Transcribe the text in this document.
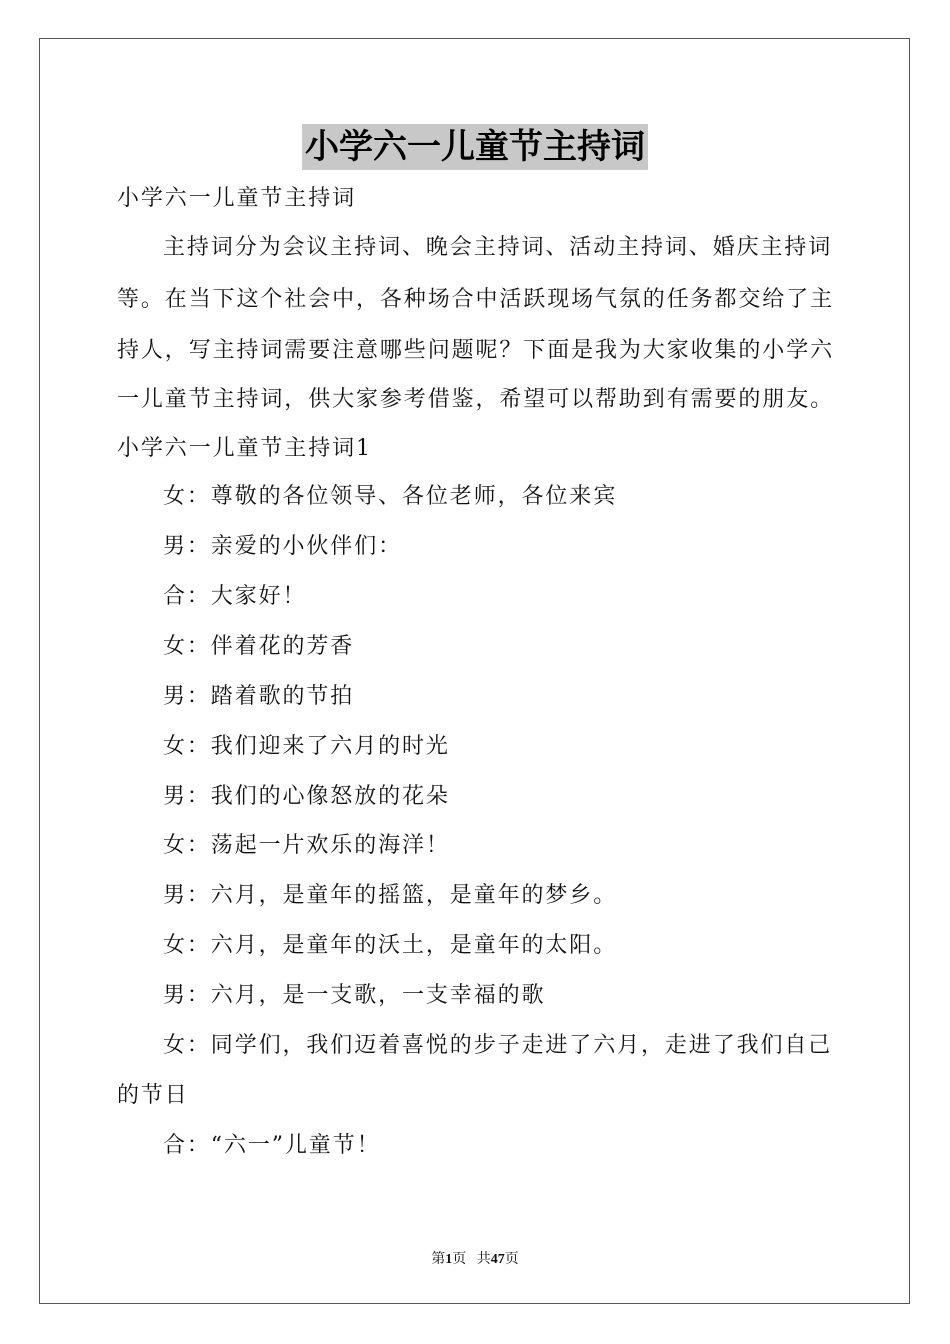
小学六一儿童节主持词
小学六一儿童节主持词
主持词分为会议主持词、晚会主持词、活动主持词、婚庆主持词
等。在当下这个社会中，各种场合中活跃现场气氛的任务都交给了主
持人，写主持词需要注意哪些问题呢？下面是我为大家收集的小学六
一儿童节主持词，供大家参考借鉴，希望可以帮助到有需要的朋友。
小学六一儿童节主持词1
女：尊敬的各位领导、各位老师，各位来宾
男：亲爱的小伙伴们：
合：大家好！
女：伴着花的芳香
男：踏着歌的节拍
女：我们迎来了六月的时光
男：我们的心像怒放的花朵
女：荡起一片欢乐的海洋！
男：六月，是童年的摇篮，是童年的梦乡。
女：六月，是童年的沃土，是童年的太阳。
男：六月，是一支歌，一支幸福的歌
女：同学们，我们迈着喜悦的步子走进了六月，走进了我们自己
的节日
合：“六一”儿童节！
第1页 共47页
